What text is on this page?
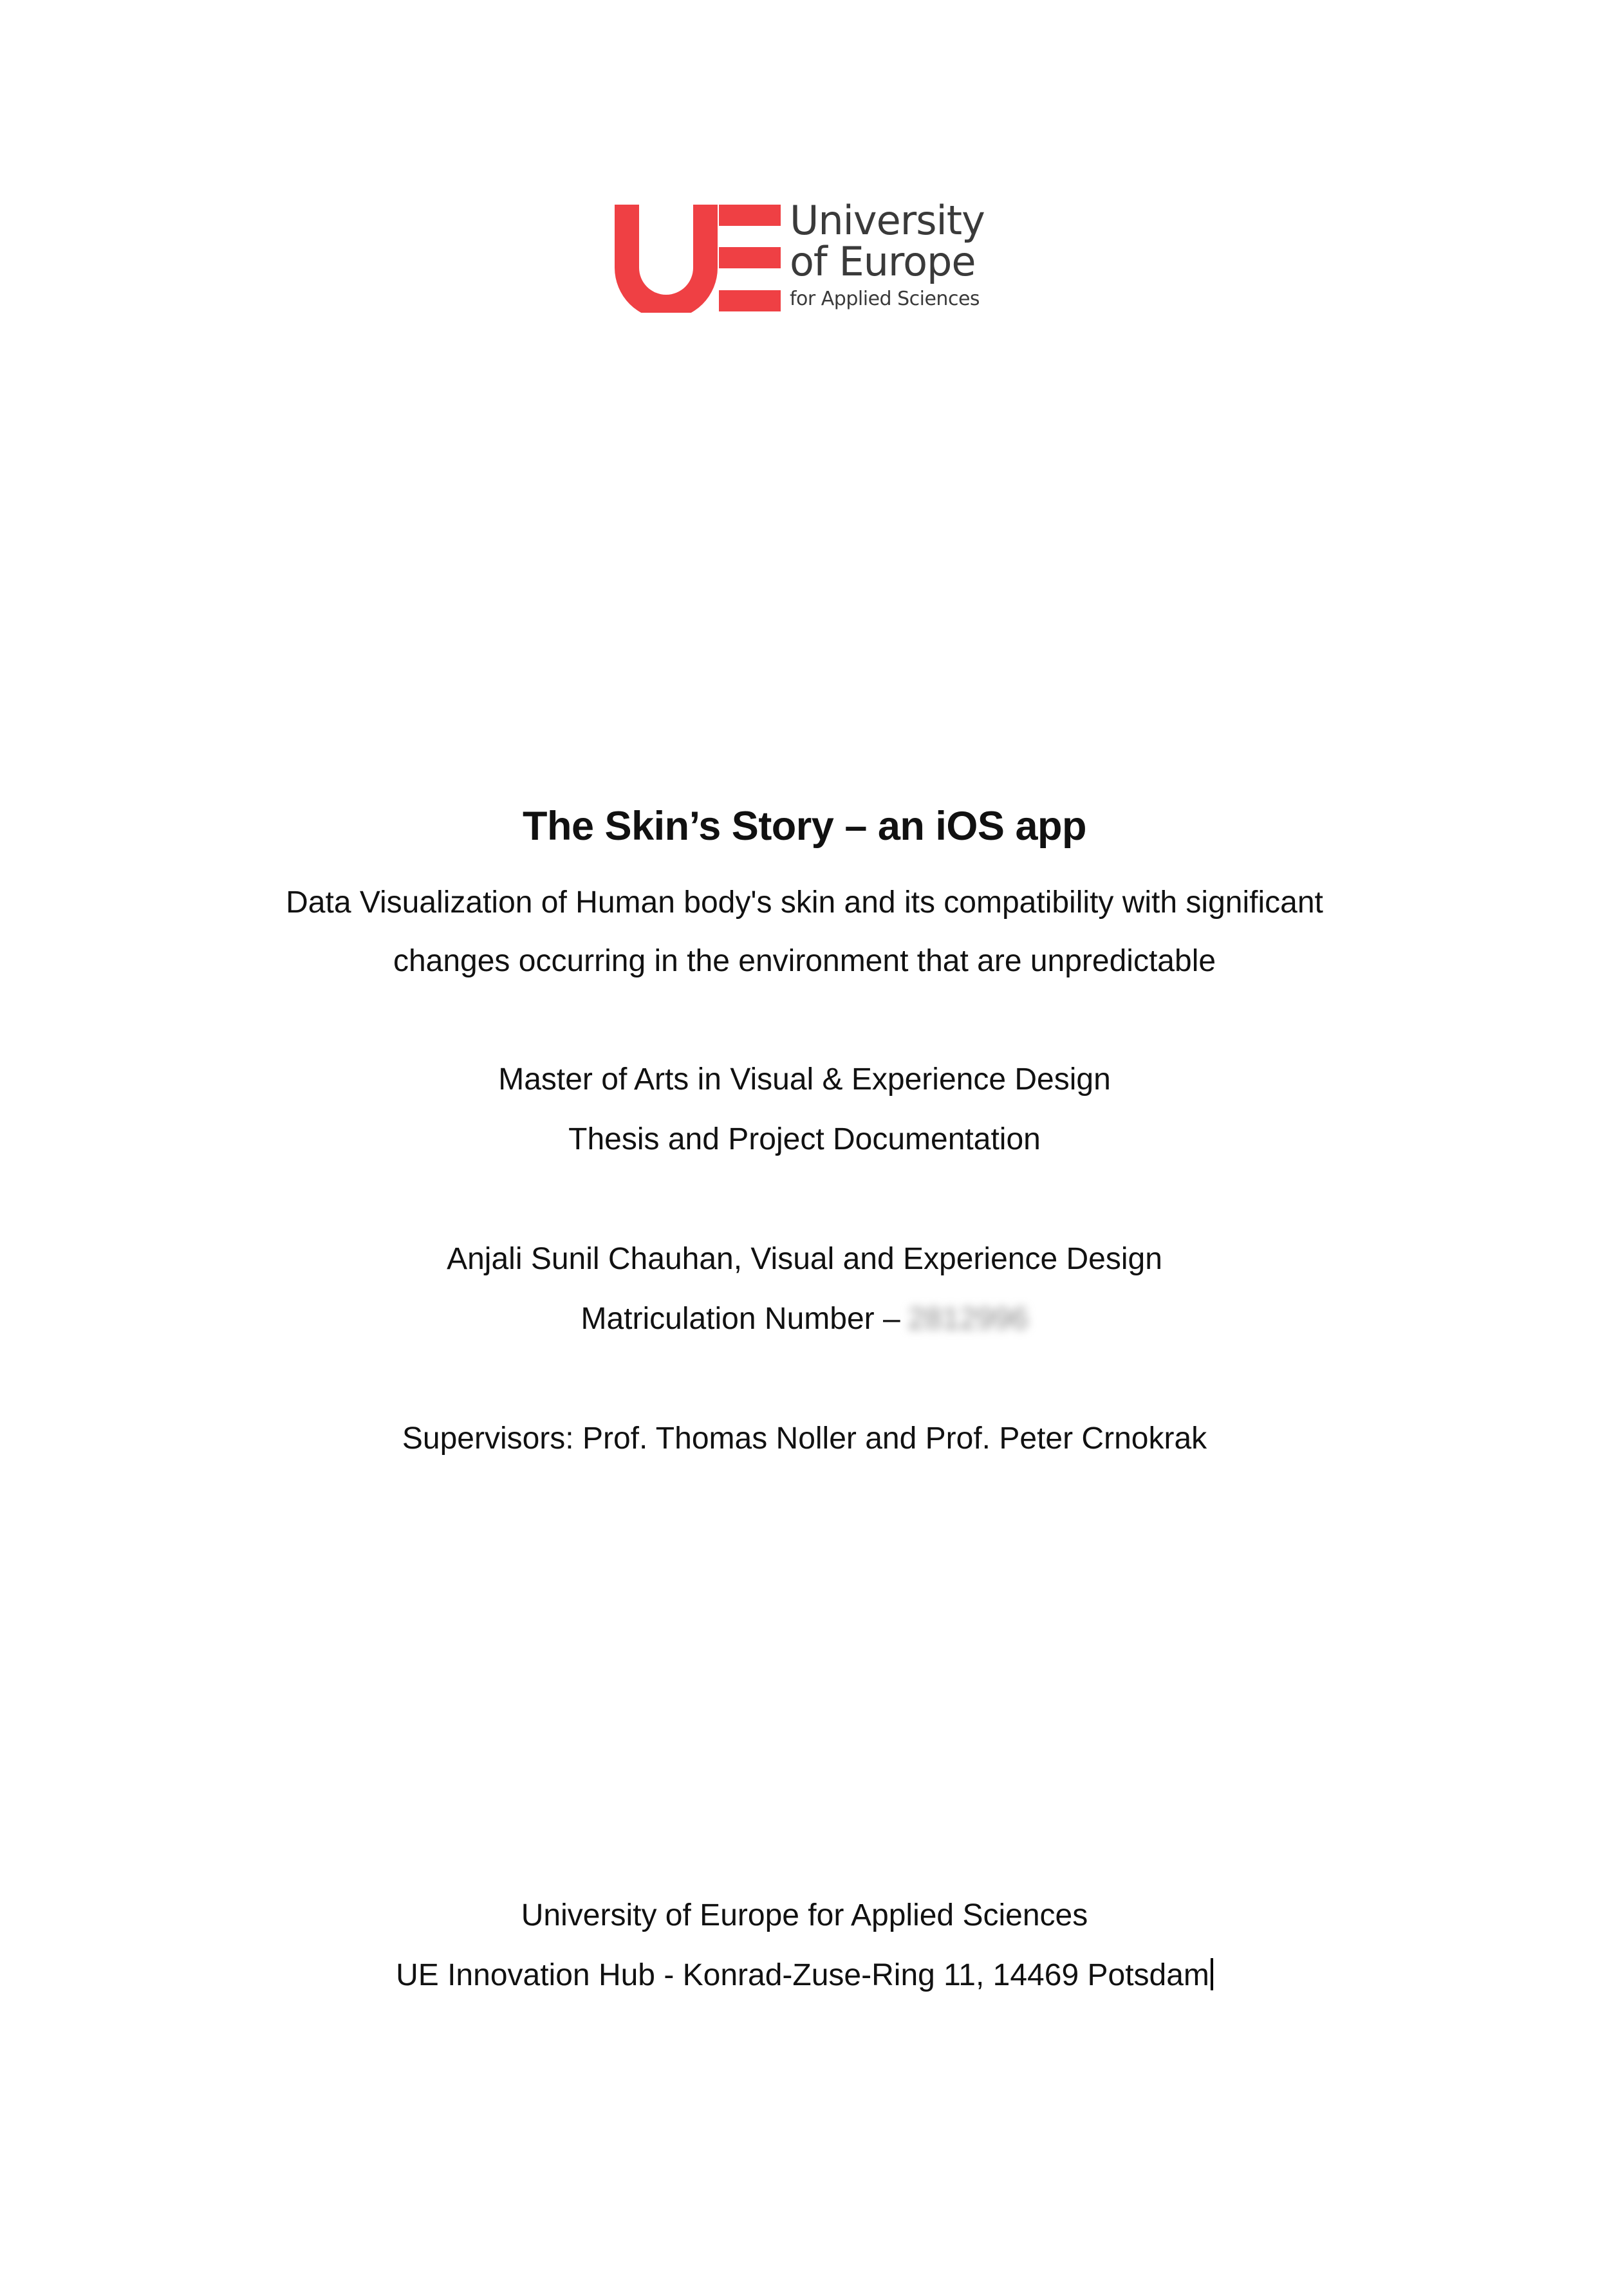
University
of Europe
for Applied Sciences
The Skin’s Story – an iOS app
Data Visualization of Human body's skin and its compatibility with significant
changes occurring in the environment that are unpredictable
Master of Arts in Visual & Experience Design
Thesis and Project Documentation
Anjali Sunil Chauhan, Visual and Experience Design
Matriculation Number – 2812996
Supervisors: Prof. Thomas Noller and Prof. Peter Crnokrak
University of Europe for Applied Sciences
UE Innovation Hub - Konrad-Zuse-Ring 11, 14469 Potsdam
